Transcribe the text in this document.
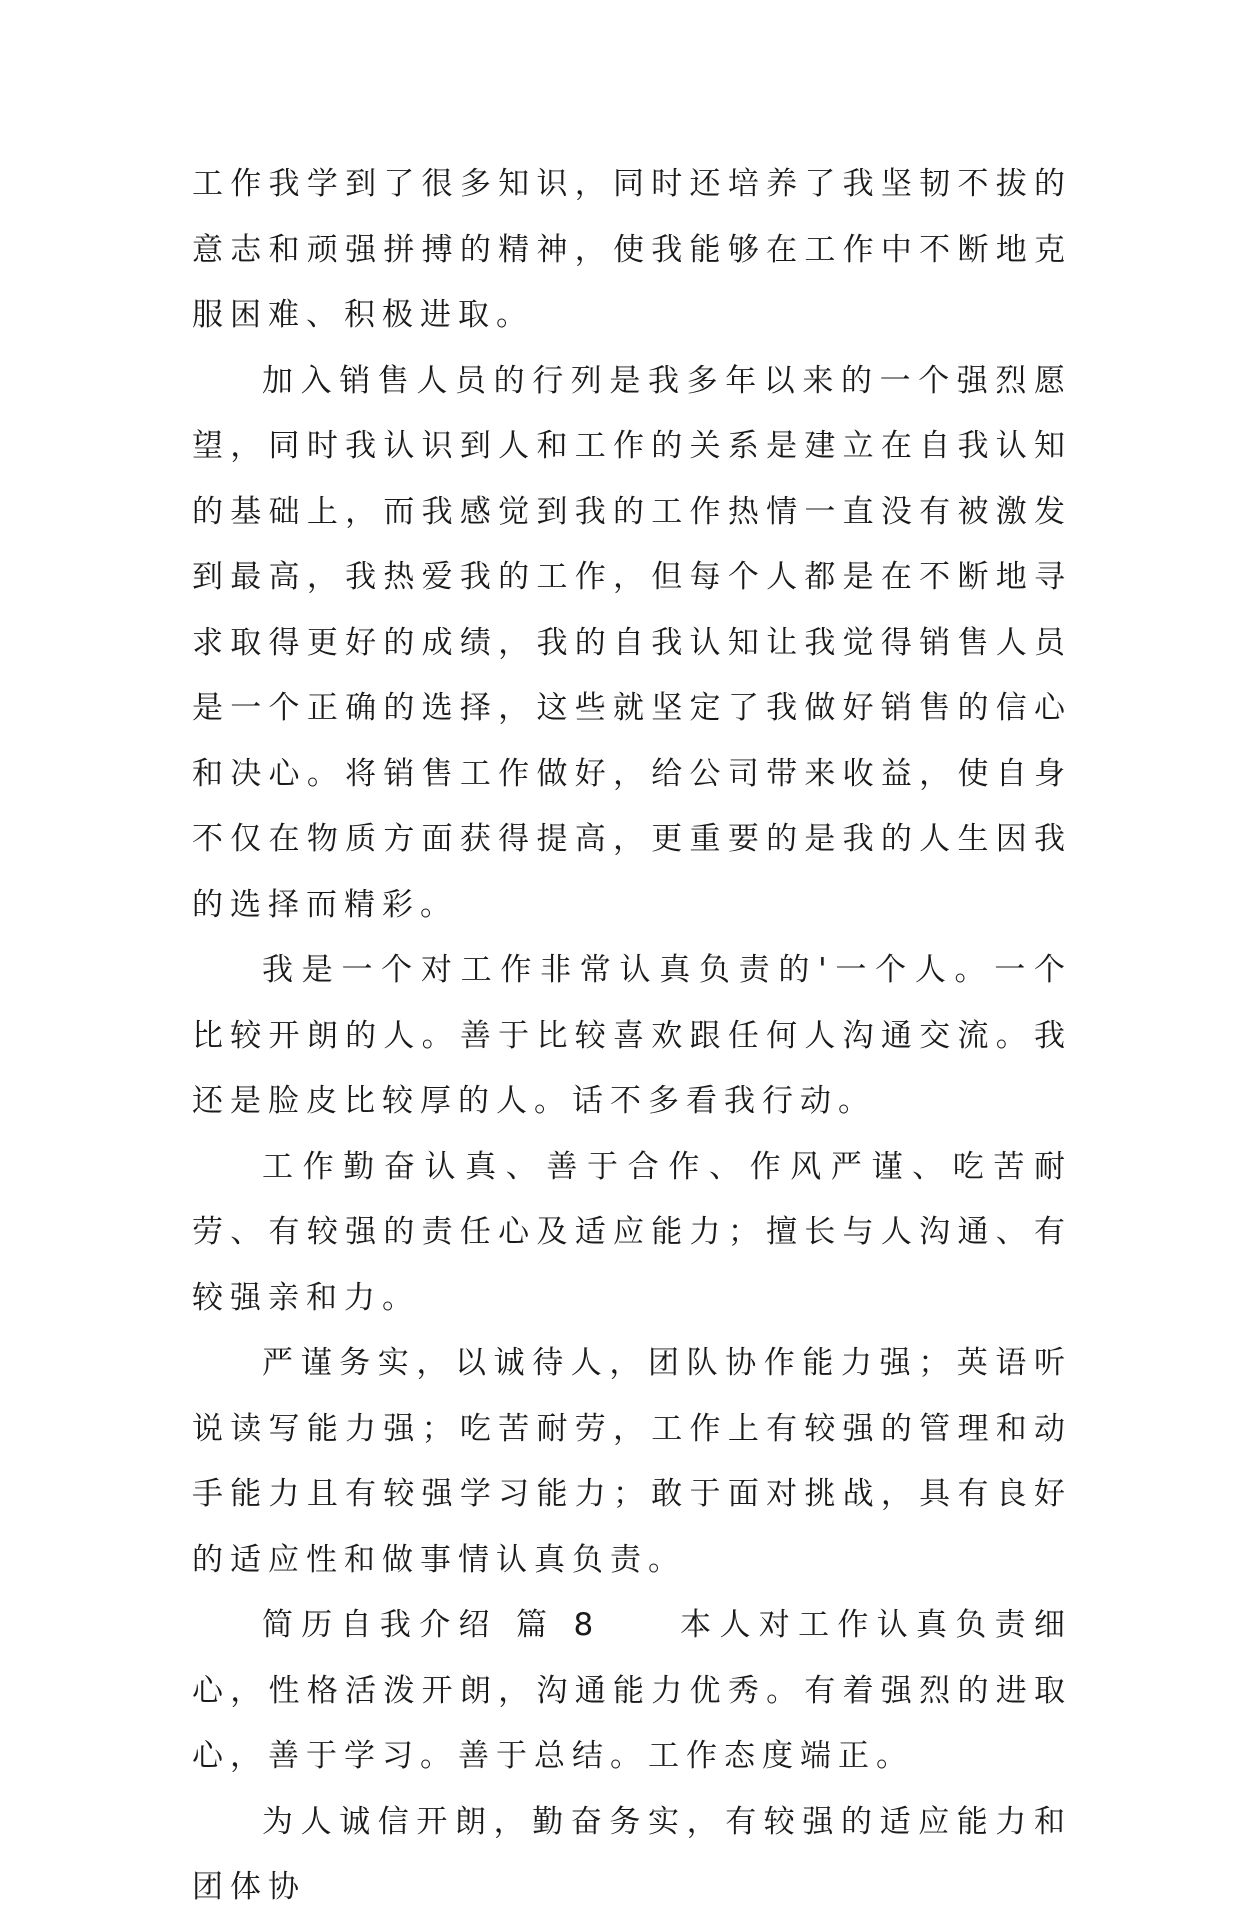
工作我学到了很多知识，同时还培养了我坚韧不拔的意志和顽强拼搏的精神，使我能够在工作中不断地克服困难、积极进取。

加入销售人员的行列是我多年以来的一个强烈愿望，同时我认识到人和工作的关系是建立在自我认知的基础上，而我感觉到我的工作热情一直没有被激发到最高，我热爱我的工作，但每个人都是在不断地寻求取得更好的成绩，我的自我认知让我觉得销售人员是一个正确的选择，这些就坚定了我做好销售的信心和决心。将销售工作做好，给公司带来收益，使自身不仅在物质方面获得提高，更重要的是我的人生因我的选择而精彩。

我是一个对工作非常认真负责的'一个人。一个比较开朗的人。善于比较喜欢跟任何人沟通交流。我还是脸皮比较厚的人。话不多看我行动。

工作勤奋认真、善于合作、作风严谨、吃苦耐劳、有较强的责任心及适应能力；擅长与人沟通、有较强亲和力。

严谨务实，以诚待人，团队协作能力强；英语听说读写能力强；吃苦耐劳，工作上有较强的管理和动手能力且有较强学习能力；敢于面对挑战，具有良好的适应性和做事情认真负责。

简历自我介绍 篇 8　　本人对工作认真负责细心，性格活泼开朗，沟通能力优秀。有着强烈的进取心，善于学习。善于总结。工作态度端正。

为人诚信开朗，勤奋务实，有较强的适应能力和团体协
